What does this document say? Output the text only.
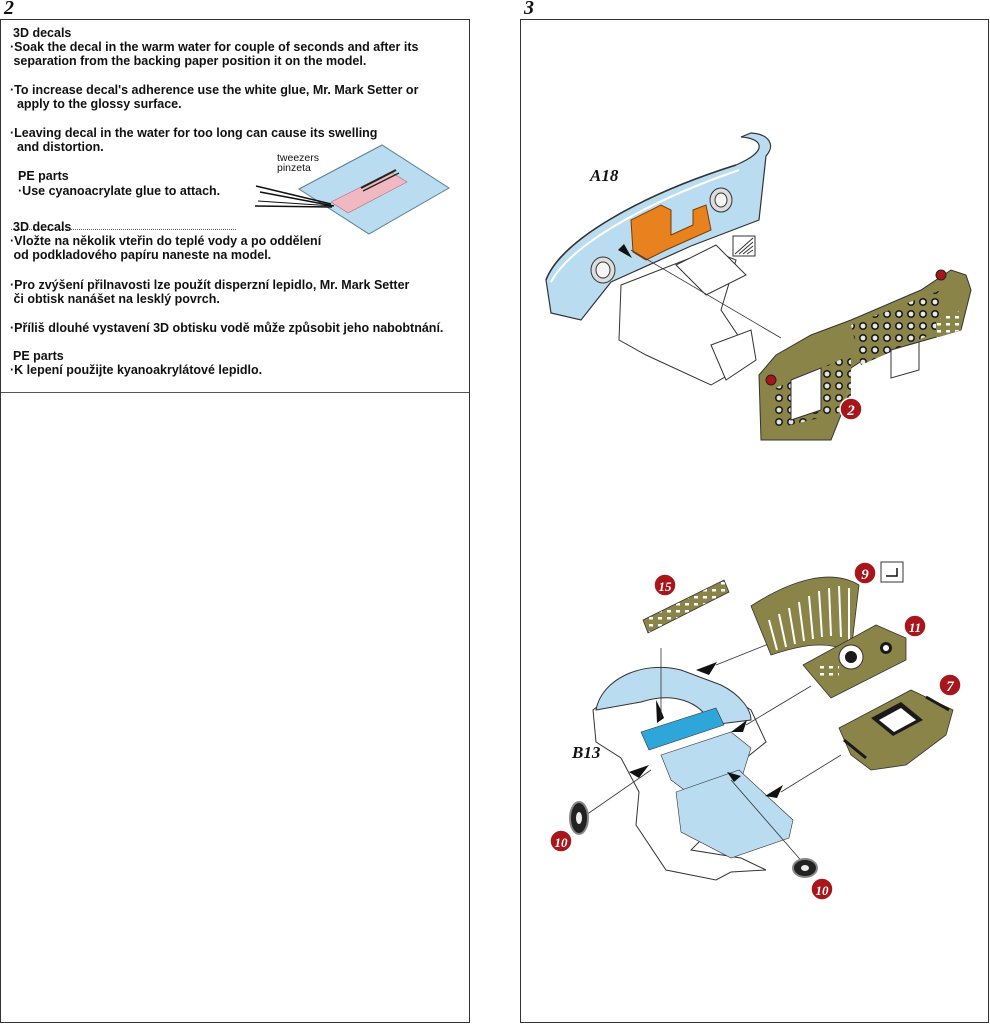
2	3
3D decals
·Soak the decal in the warm water for couple of seconds and after its
separation from the backing paper position it on the model.
·To increase decal's adherence use the white glue, Mr. Mark Setter or
apply to the glossy surface.
·Leaving decal in the water for too long can cause its swelling
and distortion.
PE parts
·Use cyanoacrylate glue to attach.
tweezers
pinzeta
3D decals
·Vložte na několik vteřin do teplé vody a po oddělení
od podkladového papíru naneste na model.
·Pro zvýšení přilnavosti lze použít disperzní lepidlo, Mr. Mark Setter
či obtisk nanášet na lesklý povrch.
·Příliš dlouhé vystavení 3D obtisku vodě může způsobit jeho nabobtnání.
PE parts
·K lepení použijte kyanoakrylátové lepidlo.
2
15
9
11
7
10
10
A18
B13
